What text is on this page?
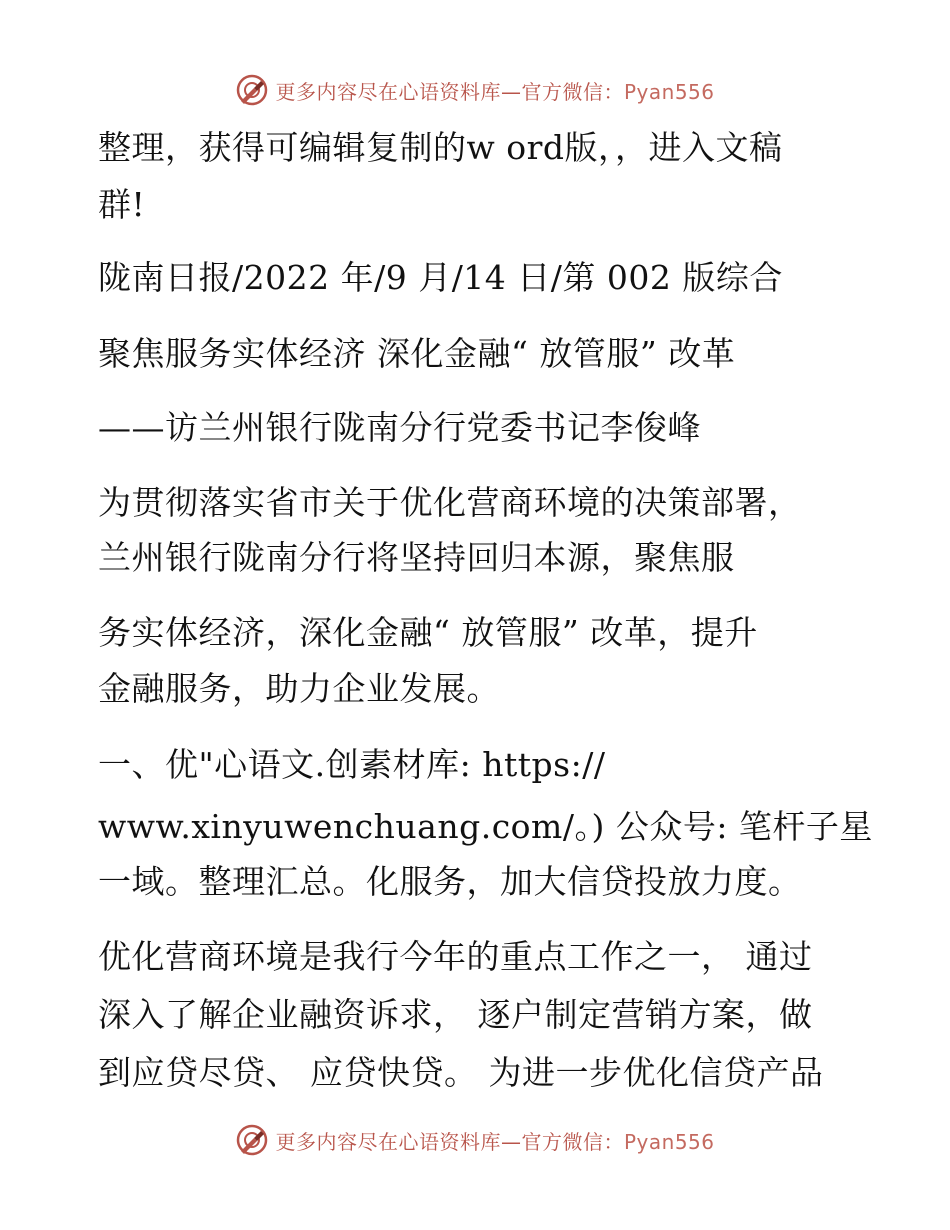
更多内容尽在心语资料库—官方微信：Pyan556
整理，获得可编辑复制的w ord版，，进入文稿
群!
陇南日报/2022 年/9 月/14 日/第 002 版综合
聚焦服务实体经济 深化金融“ 放管服” 改革
——访兰州银行陇南分行党委书记李俊峰
为贯彻落实省市关于优化营商环境的决策部署，
兰州银行陇南分行将坚持回归本源，聚焦服
务实体经济，深化金融“ 放管服” 改革，提升
金融服务，助力企业发展。
一、优"心语文.创素材库: https://
www.xinyuwenchuang.com/。) 公众号: 笔杆子星
一域。整理汇总。化服务，加大信贷投放力度。
优化营商环境是我行今年的重点工作之一， 通过
深入了解企业融资诉求， 逐户制定营销方案，做
到应贷尽贷、 应贷快贷。 为进一步优化信贷产品
更多内容尽在心语资料库—官方微信：Pyan556
